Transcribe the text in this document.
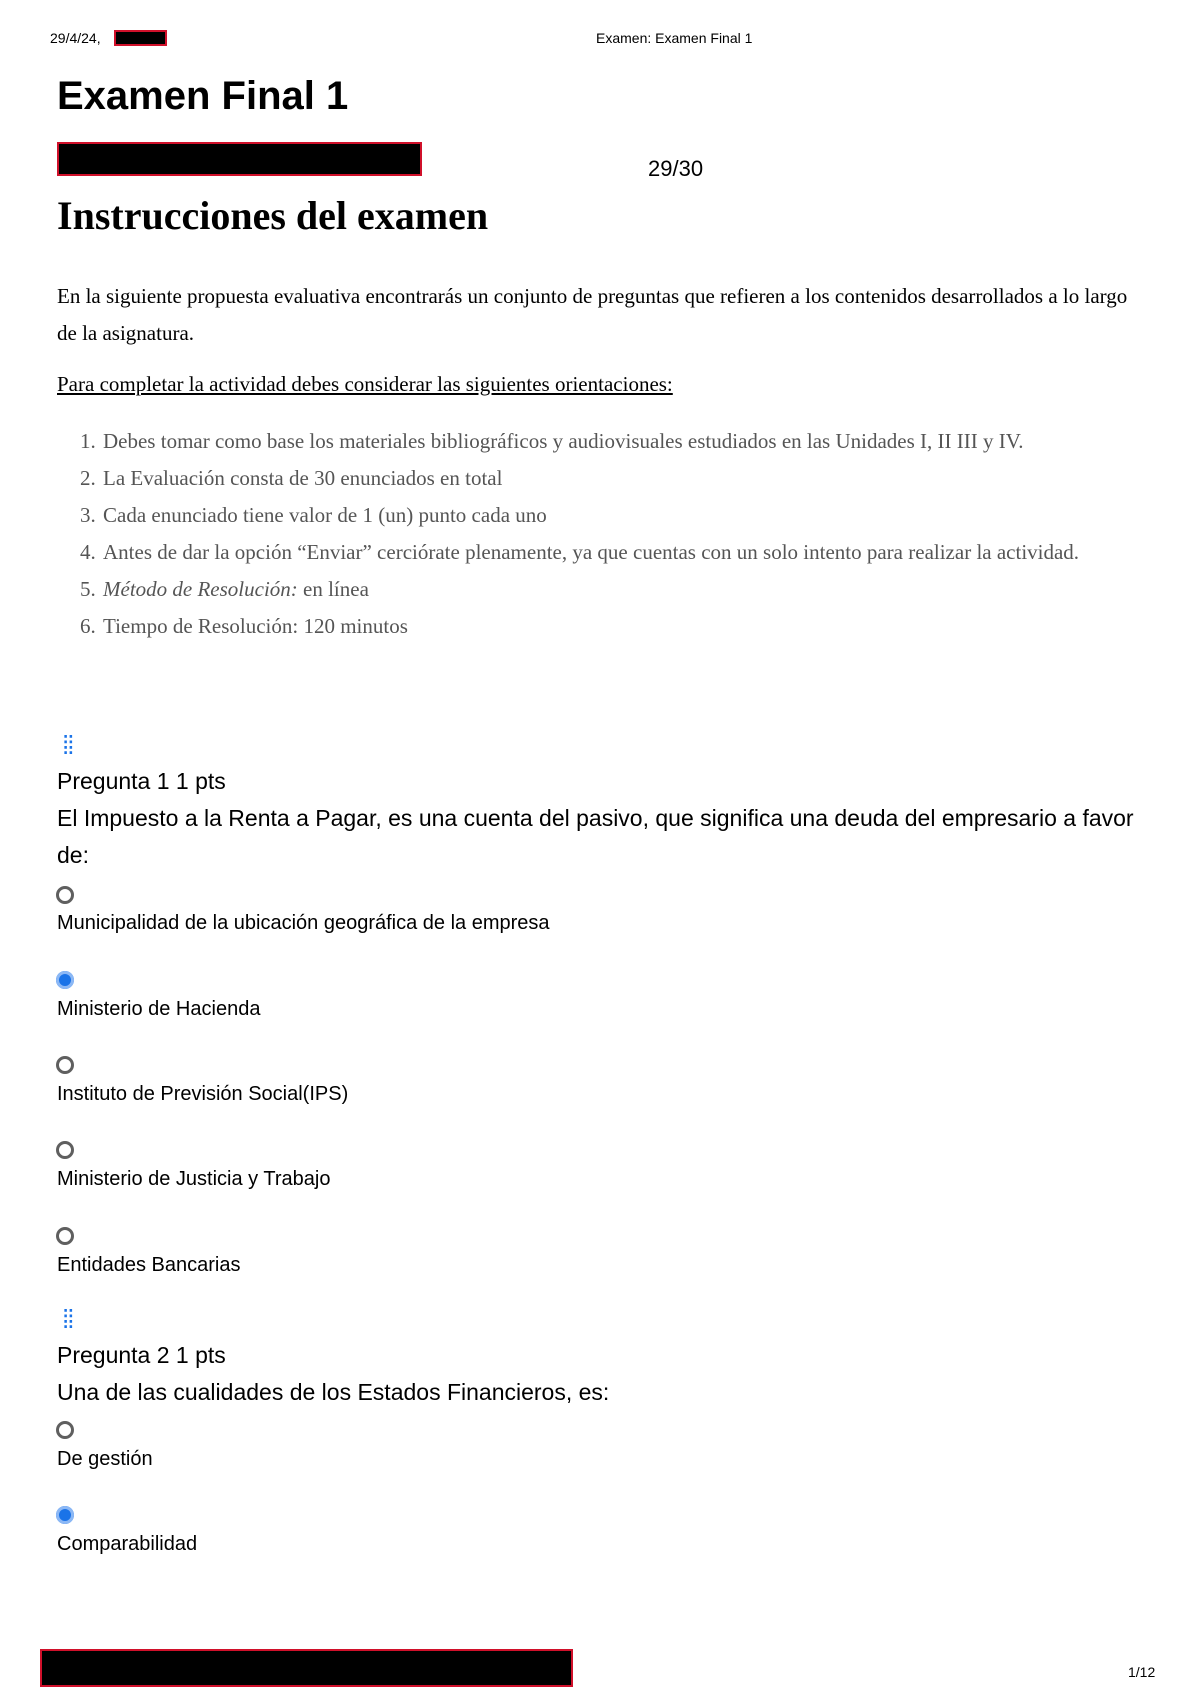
29/4/24,	Examen: Examen Final 1
Examen Final 1
29/30
Instrucciones del examen
En la siguiente propuesta evaluativa encontrarás un conjunto de preguntas que refieren a los contenidos desarrollados a lo largo de la asignatura.
Para completar la actividad debes considerar las siguientes orientaciones:
1. Debes tomar como base los materiales bibliográficos y audiovisuales estudiados en las Unidades I, II III y IV.
2. La Evaluación consta de 30 enunciados en total
3. Cada enunciado tiene valor de 1 (un) punto cada uno
4. Antes de dar la opción “Enviar” cerciórate plenamente, ya que cuentas con un solo intento para realizar la actividad.
5. Método de Resolución: en línea
6. Tiempo de Resolución: 120 minutos
⁞⁞
Pregunta 1 1 pts
El Impuesto a la Renta a Pagar, es una cuenta del pasivo, que significa una deuda del empresario a favor de:
Municipalidad de la ubicación geográfica de la empresa
Ministerio de Hacienda
Instituto de Previsión Social(IPS)
Ministerio de Justicia y Trabajo
Entidades Bancarias
⁞⁞
Pregunta 2 1 pts
Una de las cualidades de los Estados Financieros, es:
De gestión
Comparabilidad
1/12
